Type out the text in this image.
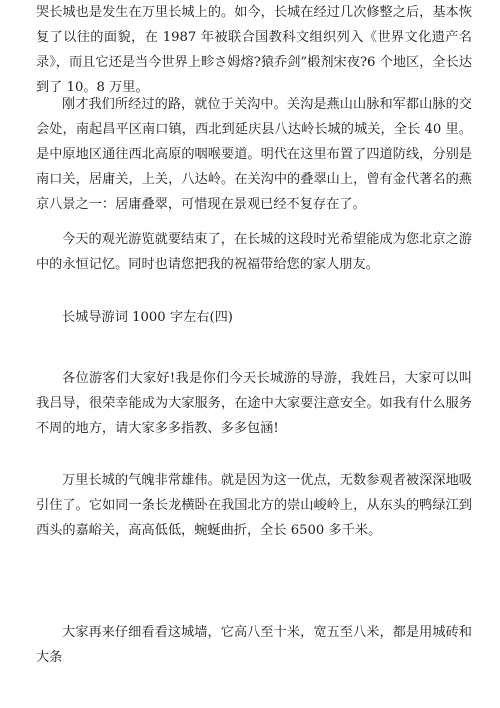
哭长城也是发生在万里长城上的。如今，长城在经过几次修整之后，基本恢复了以往的面貌，在 1987 年被联合国教科文组织列入《世界文化遗产名录》，而且它还是当今世界上畛さ姆熔?猿乔剑”椴剂宋夜?6 个地区，全长达到了 10。8 万里。

刚才我们所经过的路，就位于关沟中。关沟是燕山山脉和军都山脉的交会处，南起昌平区南口镇，西北到延庆县八达岭长城的城关，全长 40 里。是中原地区通往西北高原的咽喉要道。明代在这里布置了四道防线，分别是南口关，居庸关，上关，八达岭。在关沟中的叠翠山上，曾有金代著名的燕京八景之一：居庸叠翠，可惜现在景观已经不复存在了。

今天的观光游览就要结束了，在长城的这段时光希望能成为您北京之游中的永恒记忆。同时也请您把我的祝福带给您的家人朋友。

长城导游词 1000 字左右(四)

各位游客们大家好!我是你们今天长城游的导游，我姓吕，大家可以叫我吕导，很荣幸能成为大家服务，在途中大家要注意安全。如我有什么服务不周的地方，请大家多多指教、多多包涵!

万里长城的气魄非常雄伟。就是因为这一优点，无数参观者被深深地吸引住了。它如同一条长龙横卧在我国北方的崇山峻岭上，从东头的鸭绿江到西头的嘉峪关，高高低低，蜿蜒曲折，全长 6500 多千米。

大家再来仔细看看这城墙，它高八至十米，宽五至八米，都是用城砖和大条
